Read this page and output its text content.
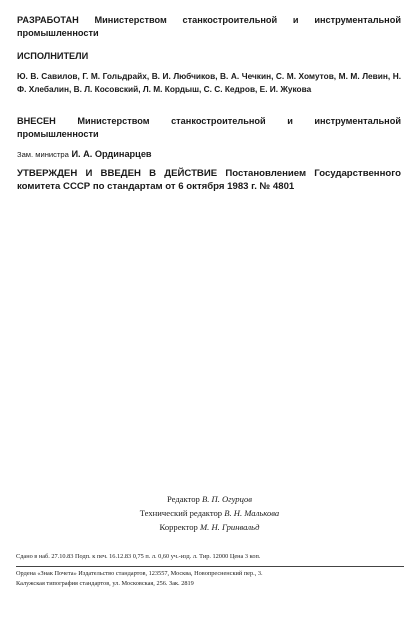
РАЗРАБОТАН Министерством станкостроительной и инструментальной промышленности

ИСПОЛНИТЕЛИ

Ю. В. Савилов, Г. М. Гольдрайх, В. И. Любчиков, В. А. Чечкин, С. М. Хомутов, М. М. Левин, Н. Ф. Хлебалин, В. Л. Косовский, Л. М. Кордыш, С. С. Кедров, Е. И. Жукова

ВНЕСЕН Министерством станкостроительной и инструментальной промышленности

Зам. министра И. А. Ординарцев

УТВЕРЖДЕН И ВВЕДЕН В ДЕЙСТВИЕ Постановлением Государственного комитета СССР по стандартам от 6 октября 1983 г. № 4801

Редактор В. П. Огурцов
Технический редактор В. Н. Малькова
Корректор М. Н. Гринвальд
Сдано в наб. 27.10.83 Подп. к печ. 16.12.83 0,75 п. л. 0,60 уч.-изд. л. Тир. 12000 Цена 3 коп.
Ордена «Знак Почета» Издательство стандартов, 123557, Москва, Новопресненский пер., 3.
Калужская типография стандартов, ул. Московская, 256. Зак. 2819
